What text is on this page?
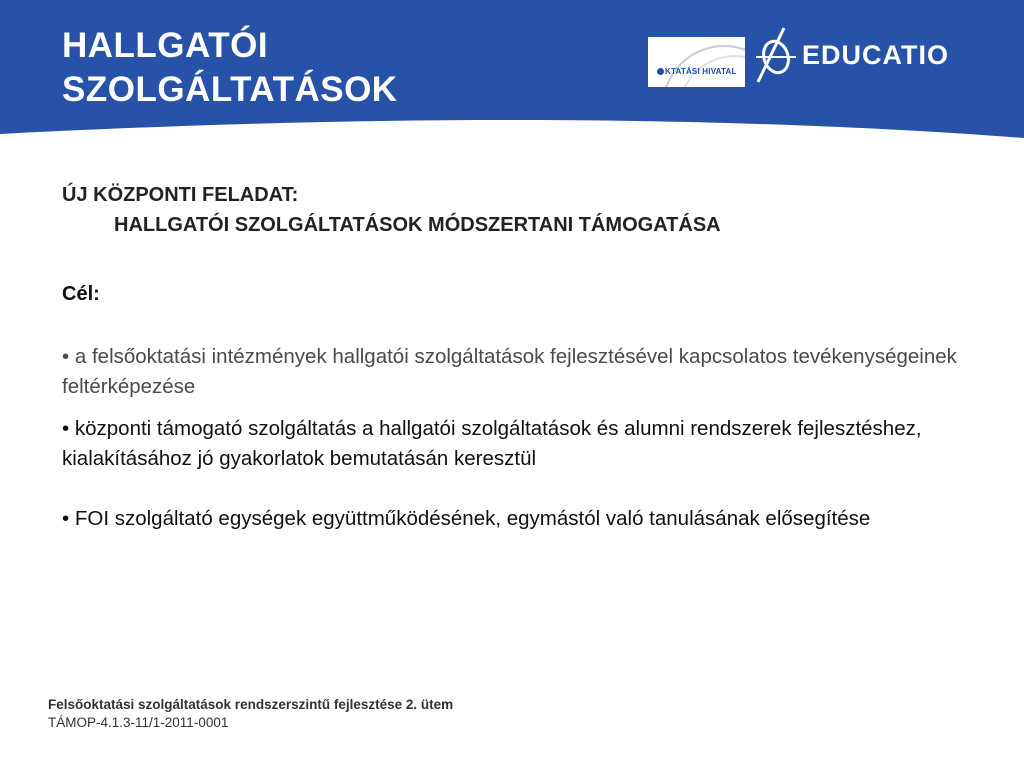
HALLGATÓI
SZOLGÁLTATÁSOK	KTATÁSI HIVATAL
EDUCATIO
ÚJ KÖZPONTI FELADAT:
HALLGATÓI SZOLGÁLTATÁSOK MÓDSZERTANI TÁMOGATÁSA

Cél:

• a felsőoktatási intézmények hallgatói szolgáltatások fejlesztésével kapcsolatos tevékenységeinek feltérképezése
• központi támogató szolgáltatás a hallgatói szolgáltatások és alumni rendszerek fejlesztéshez, kialakításához jó gyakorlatok bemutatásán keresztül
• FOI szolgáltató egységek együttműködésének, egymástól való tanulásának elősegítése
Felsőoktatási szolgáltatások rendszerszintű fejlesztése 2. ütem
TÁMOP-4.1.3-11/1-2011-0001
